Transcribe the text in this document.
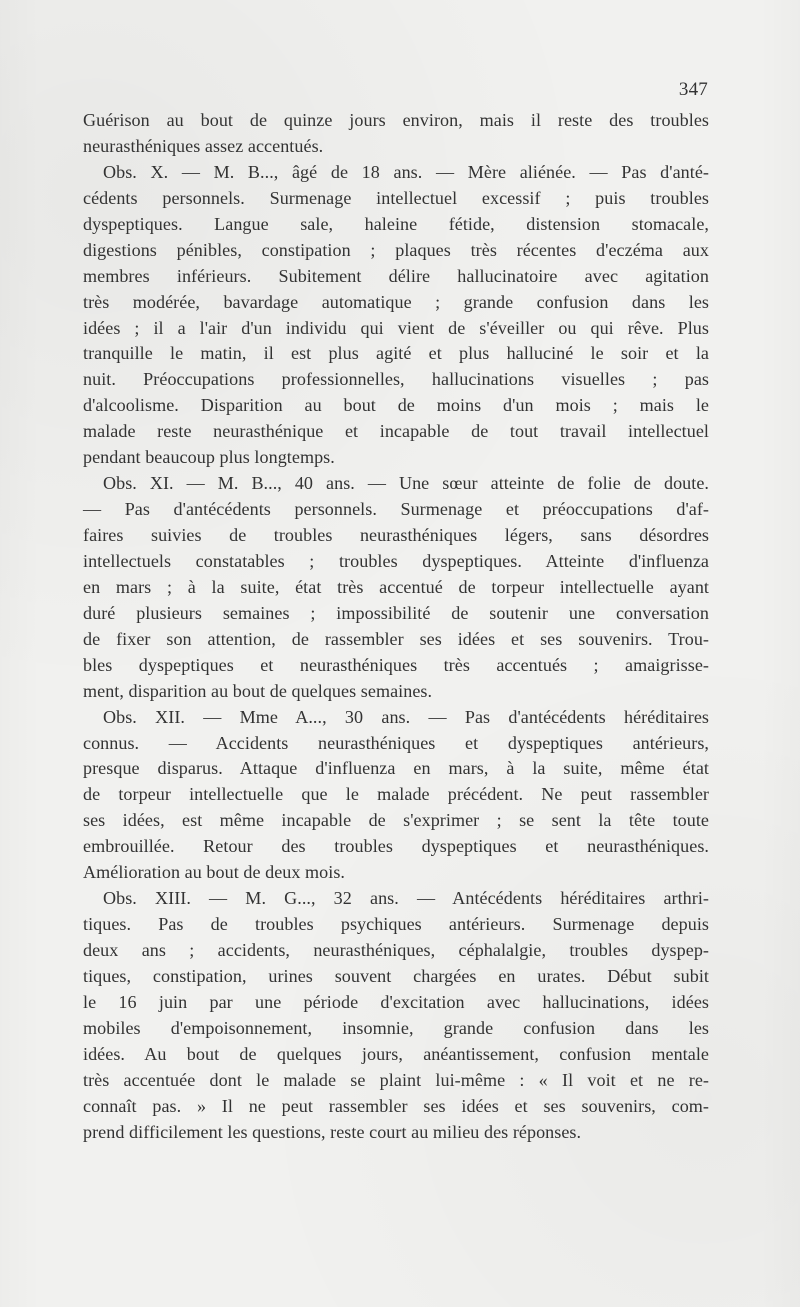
347
Guérison au bout de quinze jours environ, mais il reste des troubles
neurasthéniques assez accentués.
Obs. X. — M. B..., âgé de 18 ans. — Mère aliénée. — Pas d'anté-
cédents personnels. Surmenage intellectuel excessif ; puis troubles
dyspeptiques. Langue sale, haleine fétide, distension stomacale,
digestions pénibles, constipation ; plaques très récentes d'eczéma aux
membres inférieurs. Subitement délire hallucinatoire avec agitation
très modérée, bavardage automatique ; grande confusion dans les
idées ; il a l'air d'un individu qui vient de s'éveiller ou qui rêve. Plus
tranquille le matin, il est plus agité et plus halluciné le soir et la
nuit. Préoccupations professionnelles, hallucinations visuelles ; pas
d'alcoolisme. Disparition au bout de moins d'un mois ; mais le
malade reste neurasthénique et incapable de tout travail intellectuel
pendant beaucoup plus longtemps.
Obs. XI. — M. B..., 40 ans. — Une sœur atteinte de folie de doute.
— Pas d'antécédents personnels. Surmenage et préoccupations d'af-
faires suivies de troubles neurasthéniques légers, sans désordres
intellectuels constatables ; troubles dyspeptiques. Atteinte d'influenza
en mars ; à la suite, état très accentué de torpeur intellectuelle ayant
duré plusieurs semaines ; impossibilité de soutenir une conversation
de fixer son attention, de rassembler ses idées et ses souvenirs. Trou-
bles dyspeptiques et neurasthéniques très accentués ; amaigrisse-
ment, disparition au bout de quelques semaines.
Obs. XII. — Mme A..., 30 ans. — Pas d'antécédents héréditaires
connus. — Accidents neurasthéniques et dyspeptiques antérieurs,
presque disparus. Attaque d'influenza en mars, à la suite, même état
de torpeur intellectuelle que le malade précédent. Ne peut rassembler
ses idées, est même incapable de s'exprimer ; se sent la tête toute
embrouillée. Retour des troubles dyspeptiques et neurasthéniques.
Amélioration au bout de deux mois.
Obs. XIII. — M. G..., 32 ans. — Antécédents héréditaires arthri-
tiques. Pas de troubles psychiques antérieurs. Surmenage depuis
deux ans ; accidents, neurasthéniques, céphalalgie, troubles dyspep-
tiques, constipation, urines souvent chargées en urates. Début subit
le 16 juin par une période d'excitation avec hallucinations, idées
mobiles d'empoisonnement, insomnie, grande confusion dans les
idées. Au bout de quelques jours, anéantissement, confusion mentale
très accentuée dont le malade se plaint lui-même : « Il voit et ne re-
connaît pas. » Il ne peut rassembler ses idées et ses souvenirs, com-
prend difficilement les questions, reste court au milieu des réponses.
